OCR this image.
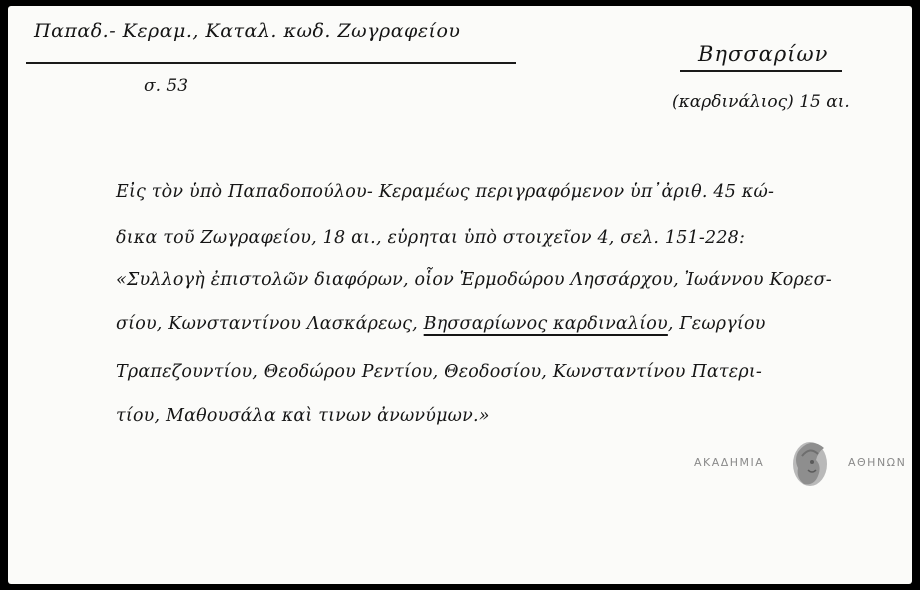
Παπαδ.- Κεραμ., Καταλ. κωδ. Ζωγραφείου
Βησσαρίων
σ. 53
(καρδινάλιος) 15 αι.
Εἰς τὸν ὑπὸ Παπαδοπούλου- Κεραμέως περιγραφόμενον ὑπ᾽ἀριθ. 45 κώ-
δικα τοῦ Ζωγραφείου, 18 αι., εὑρηται ὑπὸ στοιχεῖον 4, σελ. 151-228:
«Συλλογὴ ἐπιστολῶν διαφόρων, οἷον Ἑρμοδώρου Λησσάρχου, Ἰωάννου Κορεσ-
σίου, Κωνσταντίνου Λασκάρεως, Βησσαρίωνος καρδιναλίου, Γεωργίου
Τραπεζουντίου, Θεοδώρου Ρεντίου, Θεοδοσίου, Κωνσταντίνου Πατερι-
τίου, Μαθουσάλα καὶ τινων ἀνωνύμων.»
ΑΚΑΔΗΜΙΑ	ΑΘΗΝΩΝ
